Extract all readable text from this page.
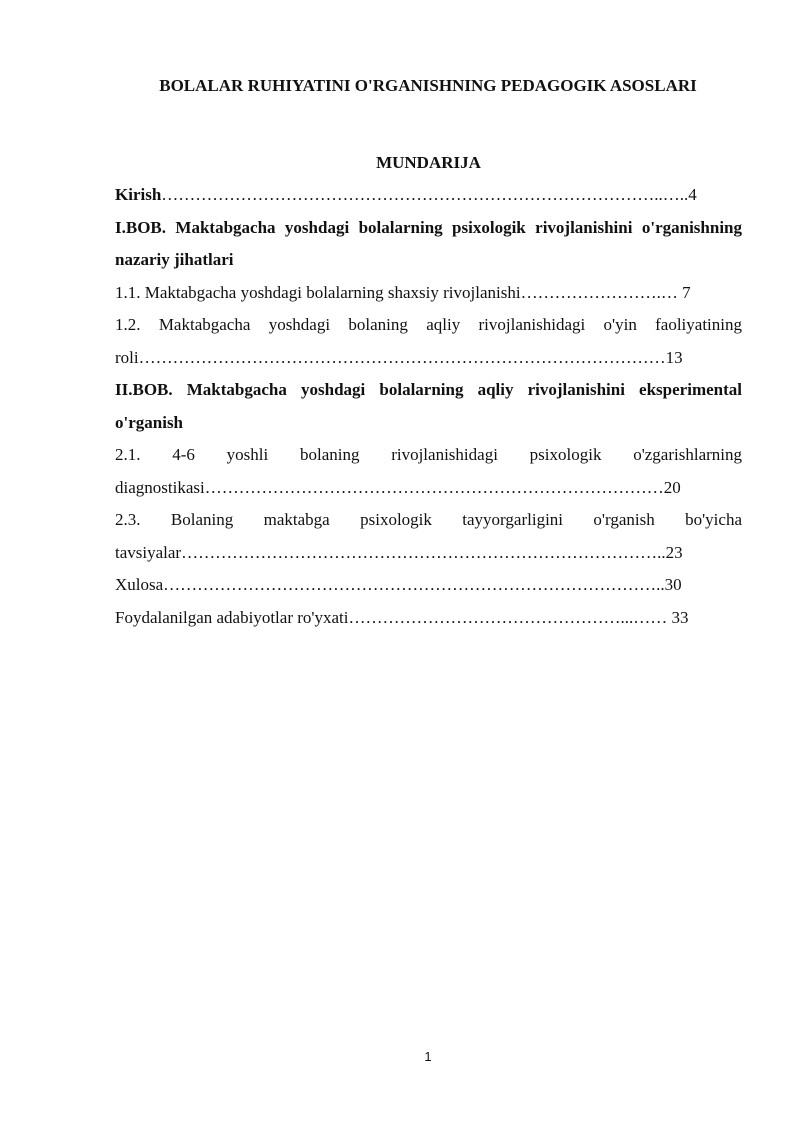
BOLALAR RUHIYATINI O'RGANISHNING PEDAGOGIK ASOSLARI
MUNDARIJA

Kirish……………………………………………………………………………..…..4

I.BOB. Maktabgacha yoshdagi bolalarning psixologik rivojlanishini o'rganishning nazariy jihatlari

1.1. Maktabgacha yoshdagi bolalarning shaxsiy rivojlanishi…………………….… 7

1.2. Maktabgacha yoshdagi bolaning aqliy rivojlanishidagi o'yin faoliyatining roli…………………………………………………………………………………13

II.BOB. Maktabgacha yoshdagi bolalarning aqliy rivojlanishini eksperimental o'rganish

2.1. 4-6 yoshli bolaning rivojlanishidagi psixologik o'zgarishlarning diagnostikasi………………………………………………………………………20

2.3. Bolaning maktabga psixologik tayyorgarligini o'rganish bo'yicha tavsiyalar…………………………………………………………………………..23

Xulosa……………………………………………………………………………..30

Foydalanilgan adabiyotlar ro'yxati…………………………………………...…… 33

1
